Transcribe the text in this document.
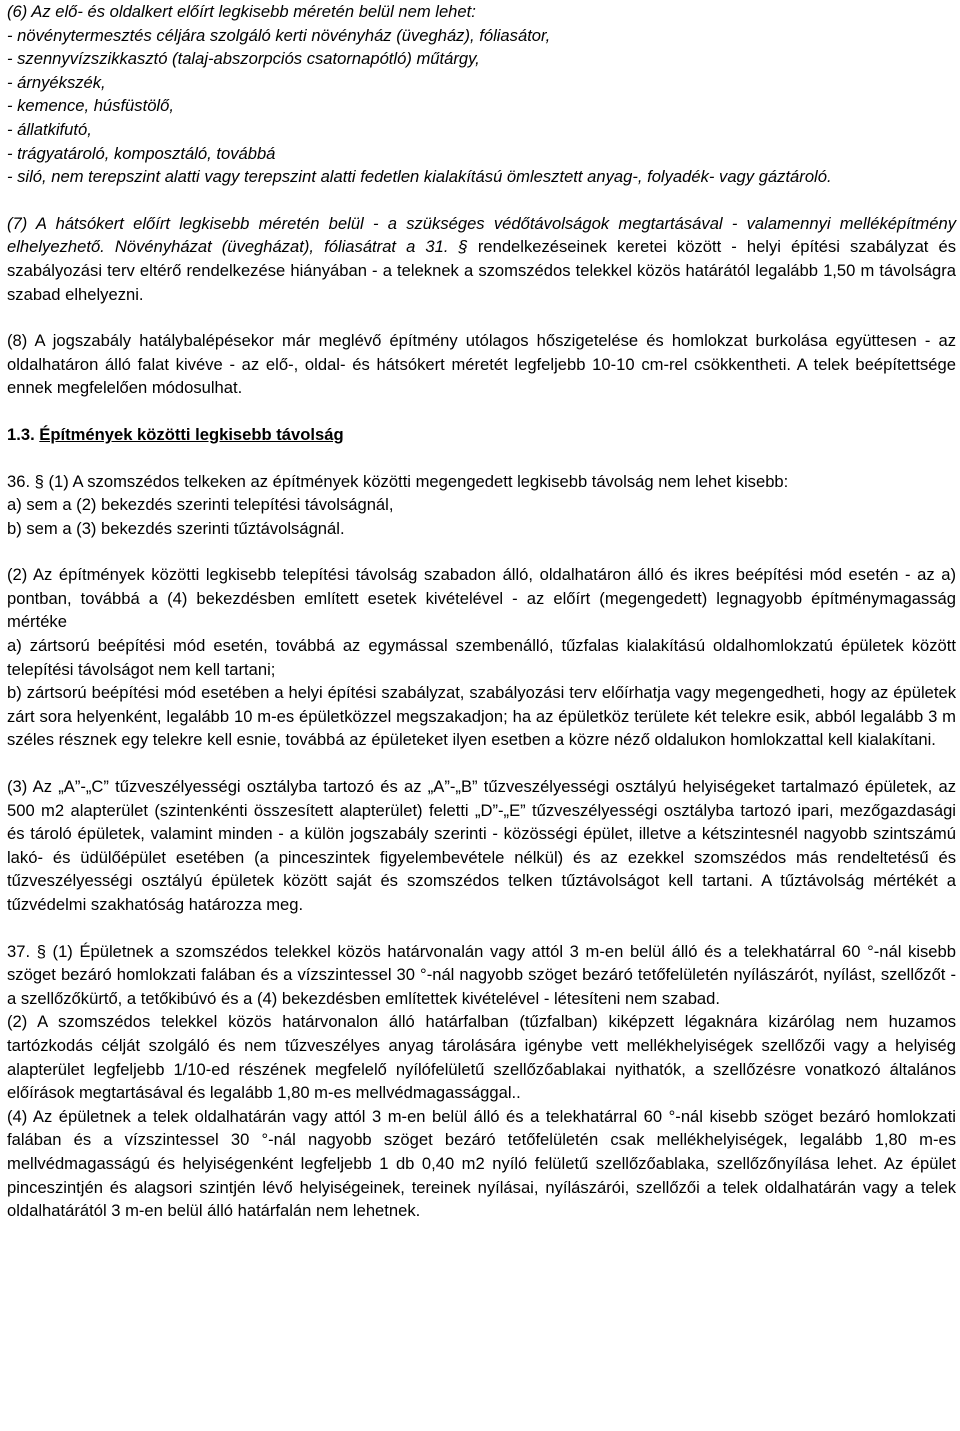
(6) Az elő- és oldalkert előírt legkisebb méretén belül nem lehet:

- növénytermesztés céljára szolgáló kerti növényház (üvegház), fóliasátor,

- szennyvízszikkasztó (talaj-abszorpciós csatornapótló) műtárgy,

- árnyékszék,

- kemence, húsfüstölő,

- állatkifutó,

- trágyatároló, komposztáló, továbbá

- siló, nem terepszint alatti vagy terepszint alatti fedetlen kialakítású ömlesztett anyag-, folyadék- vagy gáztároló.

(7) A hátsókert előírt legkisebb méretén belül - a szükséges védőtávolságok megtartásával - valamennyi melléképítmény elhelyezhető. Növényházat (üvegházat), fóliasátrat a 31. § rendelkezéseinek keretei között - helyi építési szabályzat és szabályozási terv eltérő rendelkezése hiányában - a teleknek a szomszédos telekkel közös határától legalább 1,50 m távolságra szabad elhelyezni.

(8) A jogszabály hatálybalépésekor már meglévő építmény utólagos hőszigetelése és homlokzat burkolása együttesen - az oldalhatáron álló falat kivéve - az elő-, oldal- és hátsókert méretét legfeljebb 10-10 cm-rel csökkentheti. A telek beépítettsége ennek megfelelően módosulhat.

1.3. Építmények közötti legkisebb távolság

36. § (1) A szomszédos telkeken az építmények közötti megengedett legkisebb távolság nem lehet kisebb:

a) sem a (2) bekezdés szerinti telepítési távolságnál,

b) sem a (3) bekezdés szerinti tűztávolságnál.

(2) Az építmények közötti legkisebb telepítési távolság szabadon álló, oldalhatáron álló és ikres beépítési mód esetén - az a) pontban, továbbá a (4) bekezdésben említett esetek kivételével - az előírt (megengedett) legnagyobb építménymagasság mértéke

a) zártsorú beépítési mód esetén, továbbá az egymással szembenálló, tűzfalas kialakítású oldalhomlokzatú épületek között telepítési távolságot nem kell tartani;

b) zártsorú beépítési mód esetében a helyi építési szabályzat, szabályozási terv előírhatja vagy megengedheti, hogy az épületek zárt sora helyenként, legalább 10 m-es épületközzel megszakadjon; ha az épületköz területe két telekre esik, abból legalább 3 m széles résznek egy telekre kell esnie, továbbá az épületeket ilyen esetben a közre néző oldalukon homlokzattal kell kialakítani.

(3) Az „A”-„C” tűzveszélyességi osztályba tartozó és az „A”-„B” tűzveszélyességi osztályú helyiségeket tartalmazó épületek, az 500 m2 alapterület (szintenkénti összesített alapterület) feletti „D”-„E” tűzveszélyességi osztályba tartozó ipari, mezőgazdasági és tároló épületek, valamint minden - a külön jogszabály szerinti - közösségi épület, illetve a kétszintesnél nagyobb szintszámú lakó- és üdülőépület esetében (a pinceszintek figyelembevétele nélkül) és az ezekkel szomszédos más rendeltetésű és tűzveszélyességi osztályú épületek között saját és szomszédos telken tűztávolságot kell tartani. A tűztávolság mértékét a tűzvédelmi szakhatóság határozza meg.

37. § (1) Épületnek a szomszédos telekkel közös határvonalán vagy attól 3 m-en belül álló és a telekhatárral 60 °-nál kisebb szöget bezáró homlokzati falában és a vízszintessel 30 °-nál nagyobb szöget bezáró tetőfelületén nyílászárót, nyílást, szellőzőt - a szellőzőkürtő, a tetőkibúvó és a (4) bekezdésben említettek kivételével - létesíteni nem szabad.

(2) A szomszédos telekkel közös határvonalon álló határfalban (tűzfalban) kiképzett légaknára kizárólag nem huzamos tartózkodás célját szolgáló és nem tűzveszélyes anyag tárolására igénybe vett mellékhelyiségek szellőzői vagy a helyiség alapterület legfeljebb 1/10-ed részének megfelelő nyílófelületű szellőzőablakai nyithatók, a szellőzésre vonatkozó általános előírások megtartásával és legalább 1,80 m-es mellvédmagassággal..

(4) Az épületnek a telek oldalhatárán vagy attól 3 m-en belül álló és a telekhatárral 60 °-nál kisebb szöget bezáró homlokzati falában és a vízszintessel 30 °-nál nagyobb szöget bezáró tetőfelületén csak mellékhelyiségek, legalább 1,80 m-es mellvédmagasságú és helyiségenként legfeljebb 1 db 0,40 m2 nyíló felületű szellőzőablaka, szellőzőnyílása lehet. Az épület pinceszintjén és alagsori szintjén lévő helyiségeinek, tereinek nyílásai, nyílászárói, szellőzői a telek oldalhatárán vagy a telek oldalhatárától 3 m-en belül álló határfalán nem lehetnek.
